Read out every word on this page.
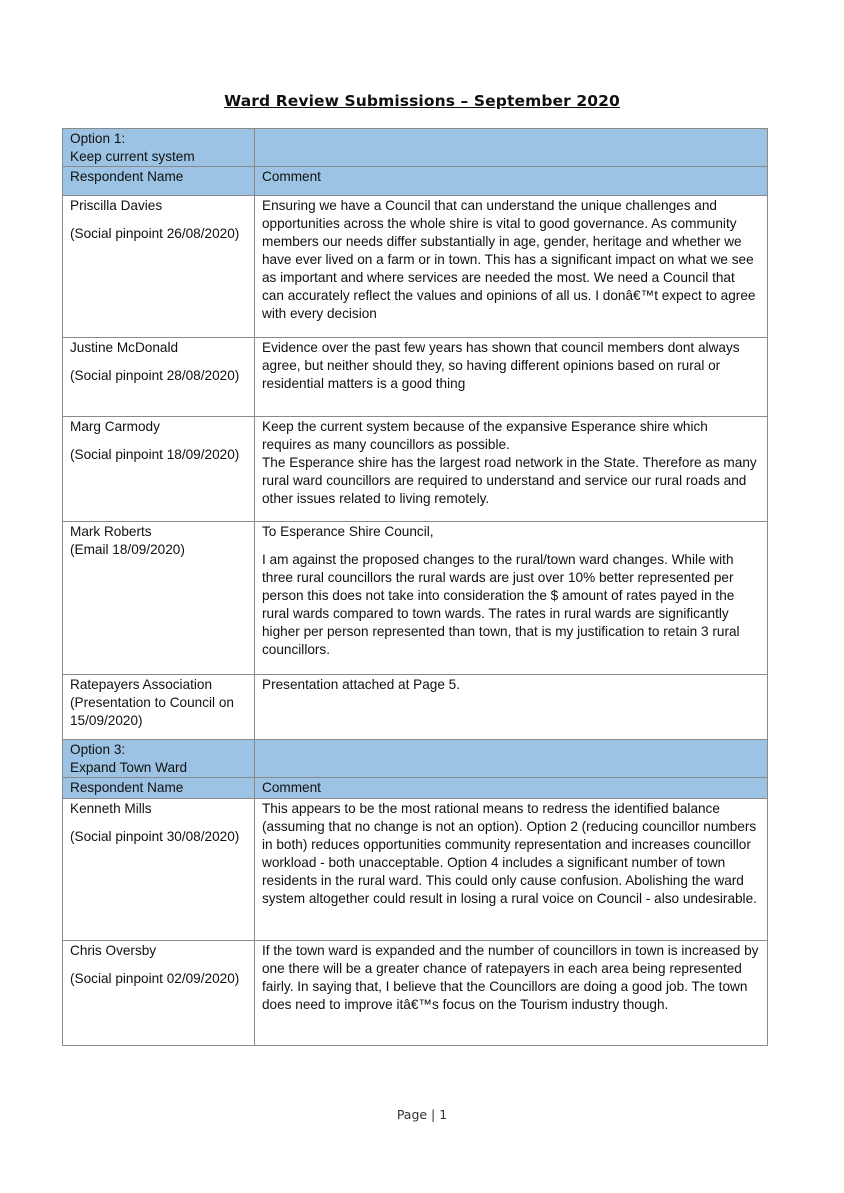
Ward Review Submissions – September 2020
Option 1:
Keep current system	

Respondent Name	Comment

Priscilla Davies
(Social pinpoint 26/08/2020)	Ensuring we have a Council that can understand the unique challenges and opportunities across the whole shire is vital to good governance. As community members our needs differ substantially in age, gender, heritage and whether we have ever lived on a farm or in town. This has a significant impact on what we see as important and where services are needed the most. We need a Council that can accurately reflect the values and opinions of all us. I donâ€™t expect to agree with every decision

Justine McDonald
(Social pinpoint 28/08/2020)	Evidence over the past few years has shown that council members dont always agree, but neither should they, so having different opinions based on rural or residential matters is a good thing

Marg Carmody
(Social pinpoint 18/09/2020)	Keep the current system because of the expansive Esperance shire which requires as many councillors as possible.
The Esperance shire has the largest road network in the State. Therefore as many rural ward councillors are required to understand and service our rural roads and other issues related to living remotely.

Mark Roberts
(Email 18/09/2020)	To Esperance Shire Council,
I am against the proposed changes to the rural/town ward changes. While with three rural councillors the rural wards are just over 10% better represented per person this does not take into consideration the $ amount of rates payed in the rural wards compared to town wards. The rates in rural wards are significantly higher per person represented than town, that is my justification to retain 3 rural councillors.

Ratepayers Association
(Presentation to Council on 15/09/2020)	Presentation attached at Page 5.

Option 3:
Expand Town Ward	

Respondent Name	Comment

Kenneth Mills
(Social pinpoint 30/08/2020)	This appears to be the most rational means to redress the identified balance (assuming that no change is not an option). Option 2 (reducing councillor numbers in both) reduces opportunities community representation and increases councillor workload - both unacceptable. Option 4 includes a significant number of town residents in the rural ward. This could only cause confusion. Abolishing the ward system altogether could result in losing a rural voice on Council - also undesirable.

Chris Oversby
(Social pinpoint 02/09/2020)	If the town ward is expanded and the number of councillors in town is increased by one there will be a greater chance of ratepayers in each area being represented fairly. In saying that, I believe that the Councillors are doing a good job. The town does need to improve itâ€™s focus on the Tourism industry though.
Page | 1
